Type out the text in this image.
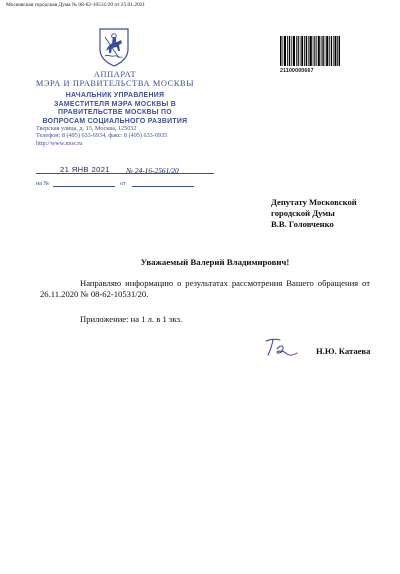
Московская городская Дума № 08-62-10531/20 от 25.01.2021
АППАРАТ
МЭРА И ПРАВИТЕЛЬСТВА МОСКВЫ
НАЧАЛЬНИК УПРАВЛЕНИЯ
ЗАМЕСТИТЕЛЯ МЭРА МОСКВЫ В
ПРАВИТЕЛЬСТВЕ МОСКВЫ ПО
ВОПРОСАМ СОЦИАЛЬНОГО РАЗВИТИЯ
Тверская улица, д. 13, Москва, 125032
Телефон: 8 (495) 633-6934, факс: 8 (495) 633-6935
http://www.mos.ru
21100000667
21 ЯНВ 2021 № 24-16-2561/20
на №	от
Депутату Московской
городской Думы
В.В. Головченко
Уважаемый Валерий Владимирович!

Направляю информацию о результатах рассмотрения Вашего обращения от 26.11.2020 № 08-62-10531/20.

Приложение: на 1 л. в 1 экз.
Н.Ю. Катаева
